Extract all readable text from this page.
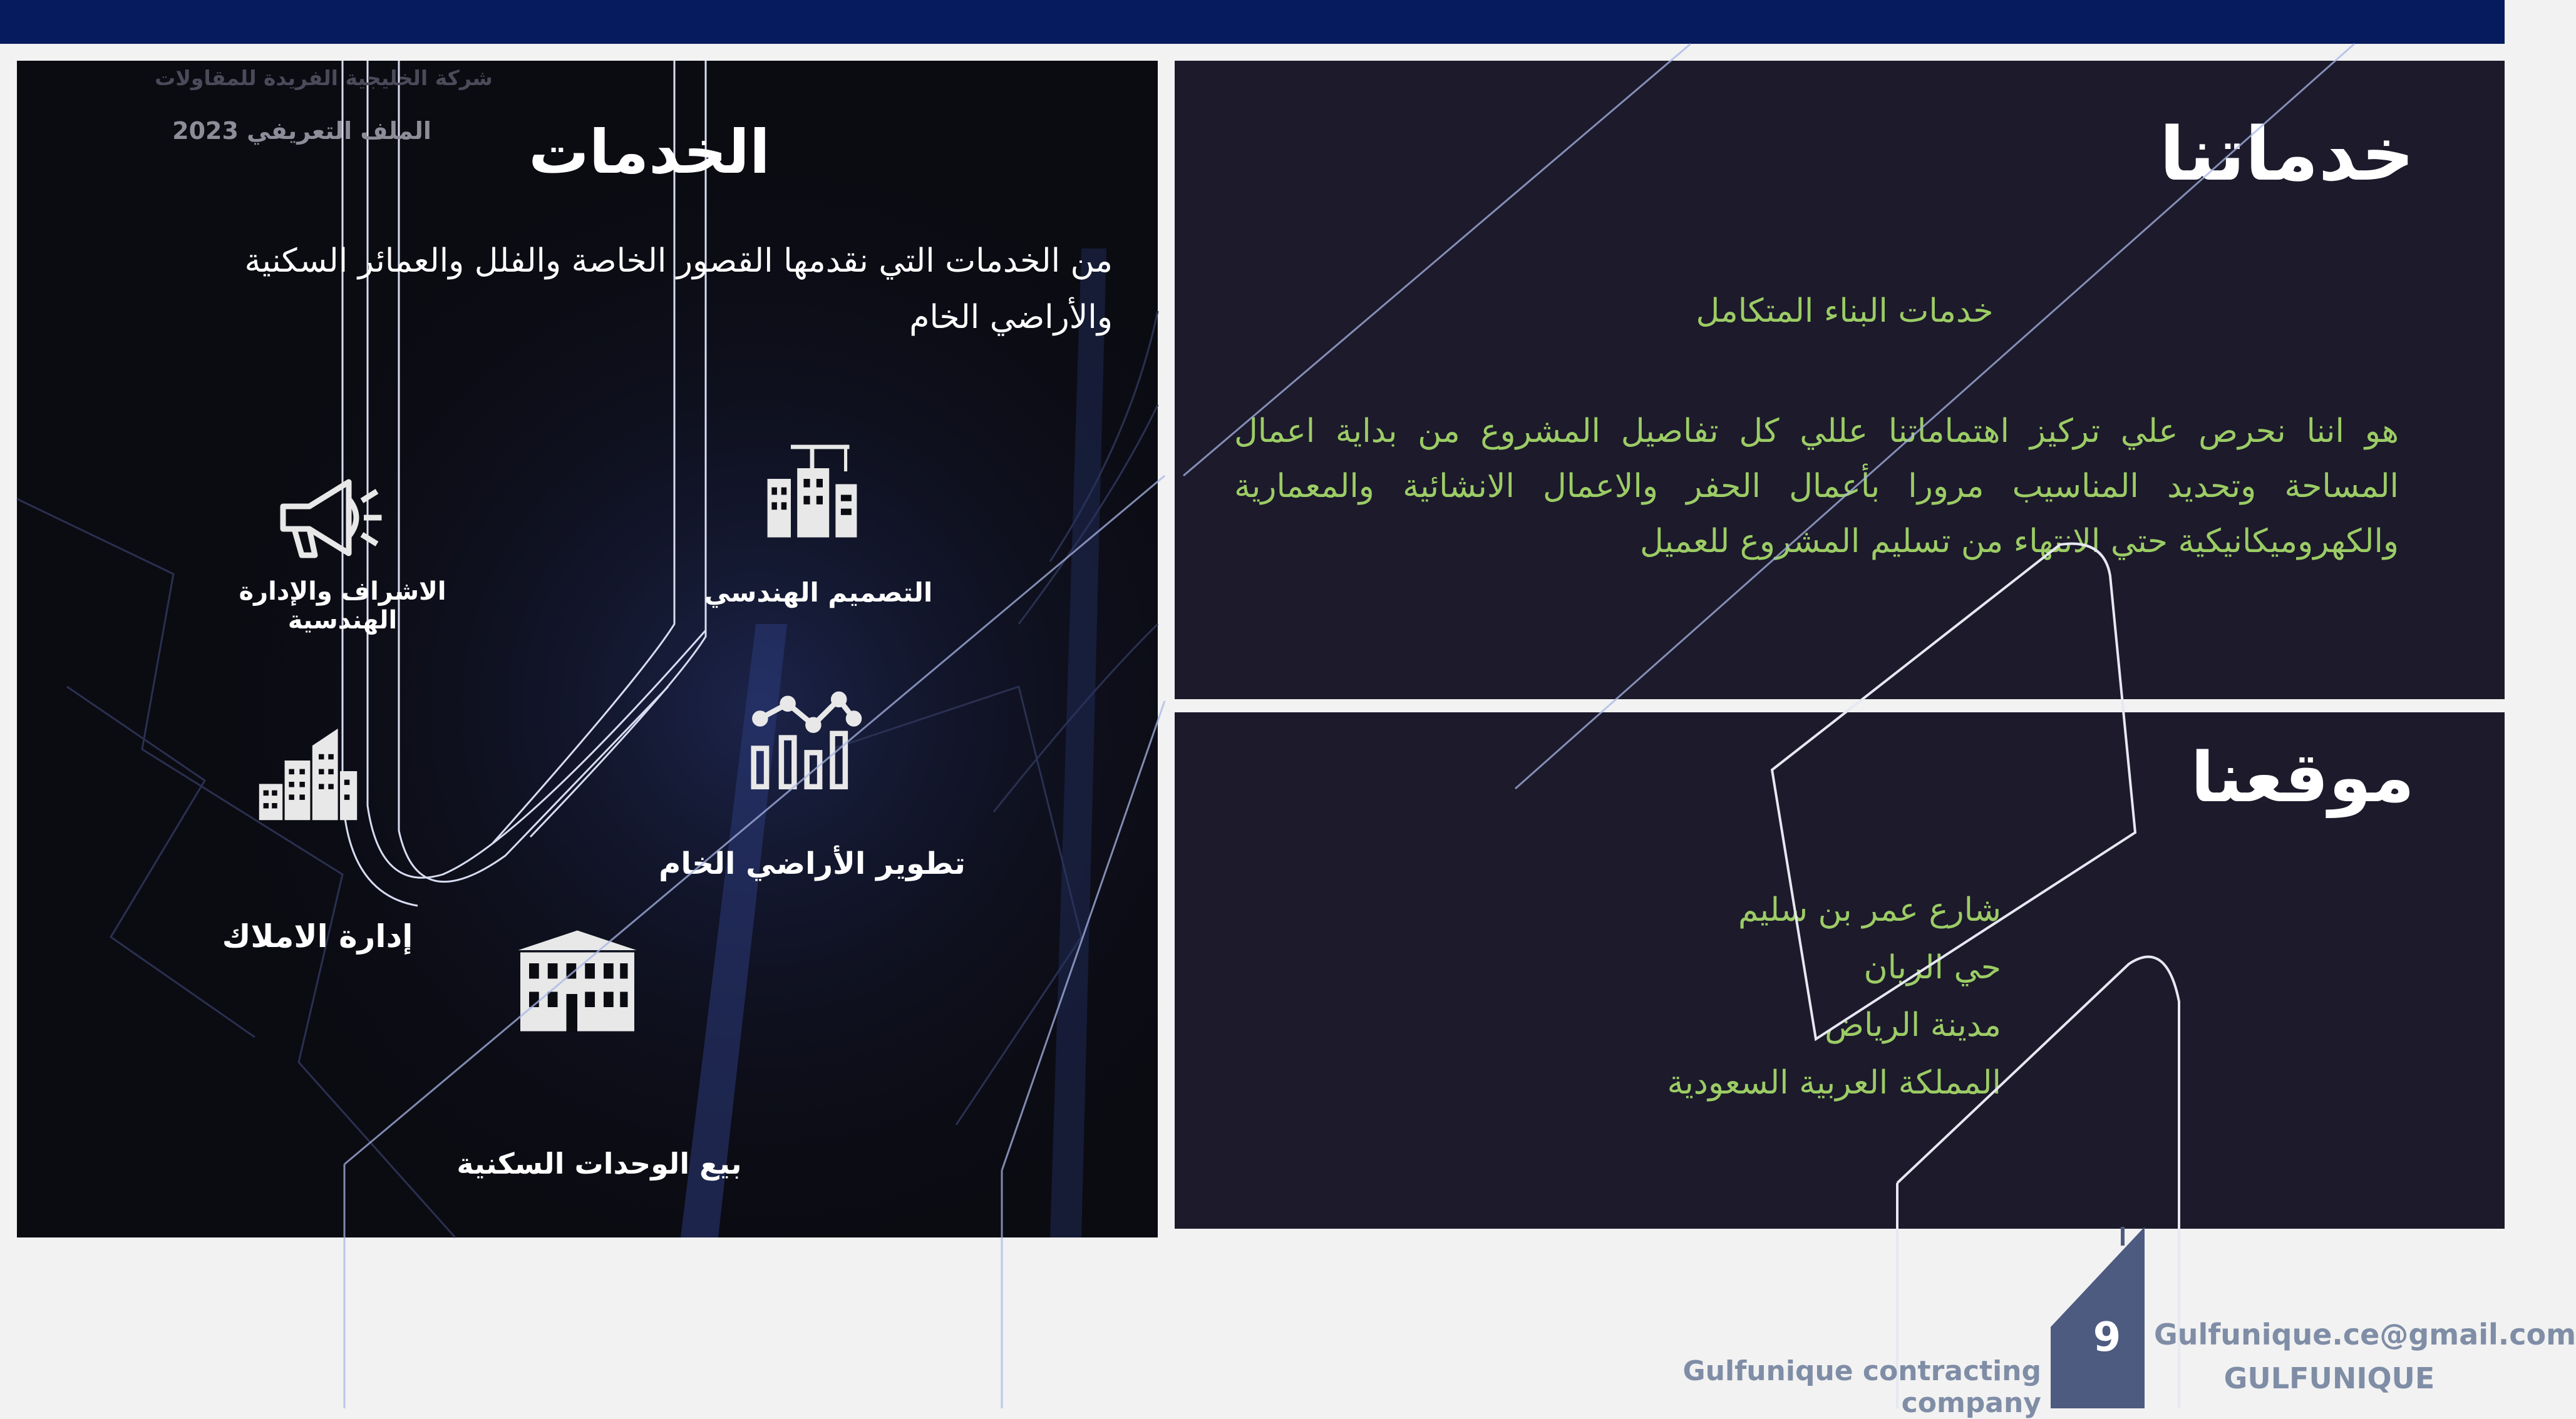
شركة الخليجية الفريدة للمقاولات
الملف التعريفي 2023	الخدمات
من الخدمات التي نقدمها القصور الخاصة والفلل والعمائر السكنية والأراضي الخام
التصميم الهندسي
الاشراف والإدارة الهندسية
تطوير الأراضي الخام
إدارة الاملاك
بيع الوحدات السكنية
خدماتنا
خدمات البناء المتكامل
هو اننا نحرص علي تركيز اهتماماتنا عللي كل تفاصيل المشروع من بداية اعمال المساحة وتحديد المناسيب مرورا بأعمال الحفر والاعمال الانشائية والمعمارية والكهروميكانيكية حتي الانتهاء من تسليم المشروع للعميل
موقعنا
شارع عمر بن سليم
حي الريان
مدينة الرياض
المملكة العربية السعودية
Gulfunique contracting company
9	Gulfunique.ce@gmail.com
GULFUNIQUE
